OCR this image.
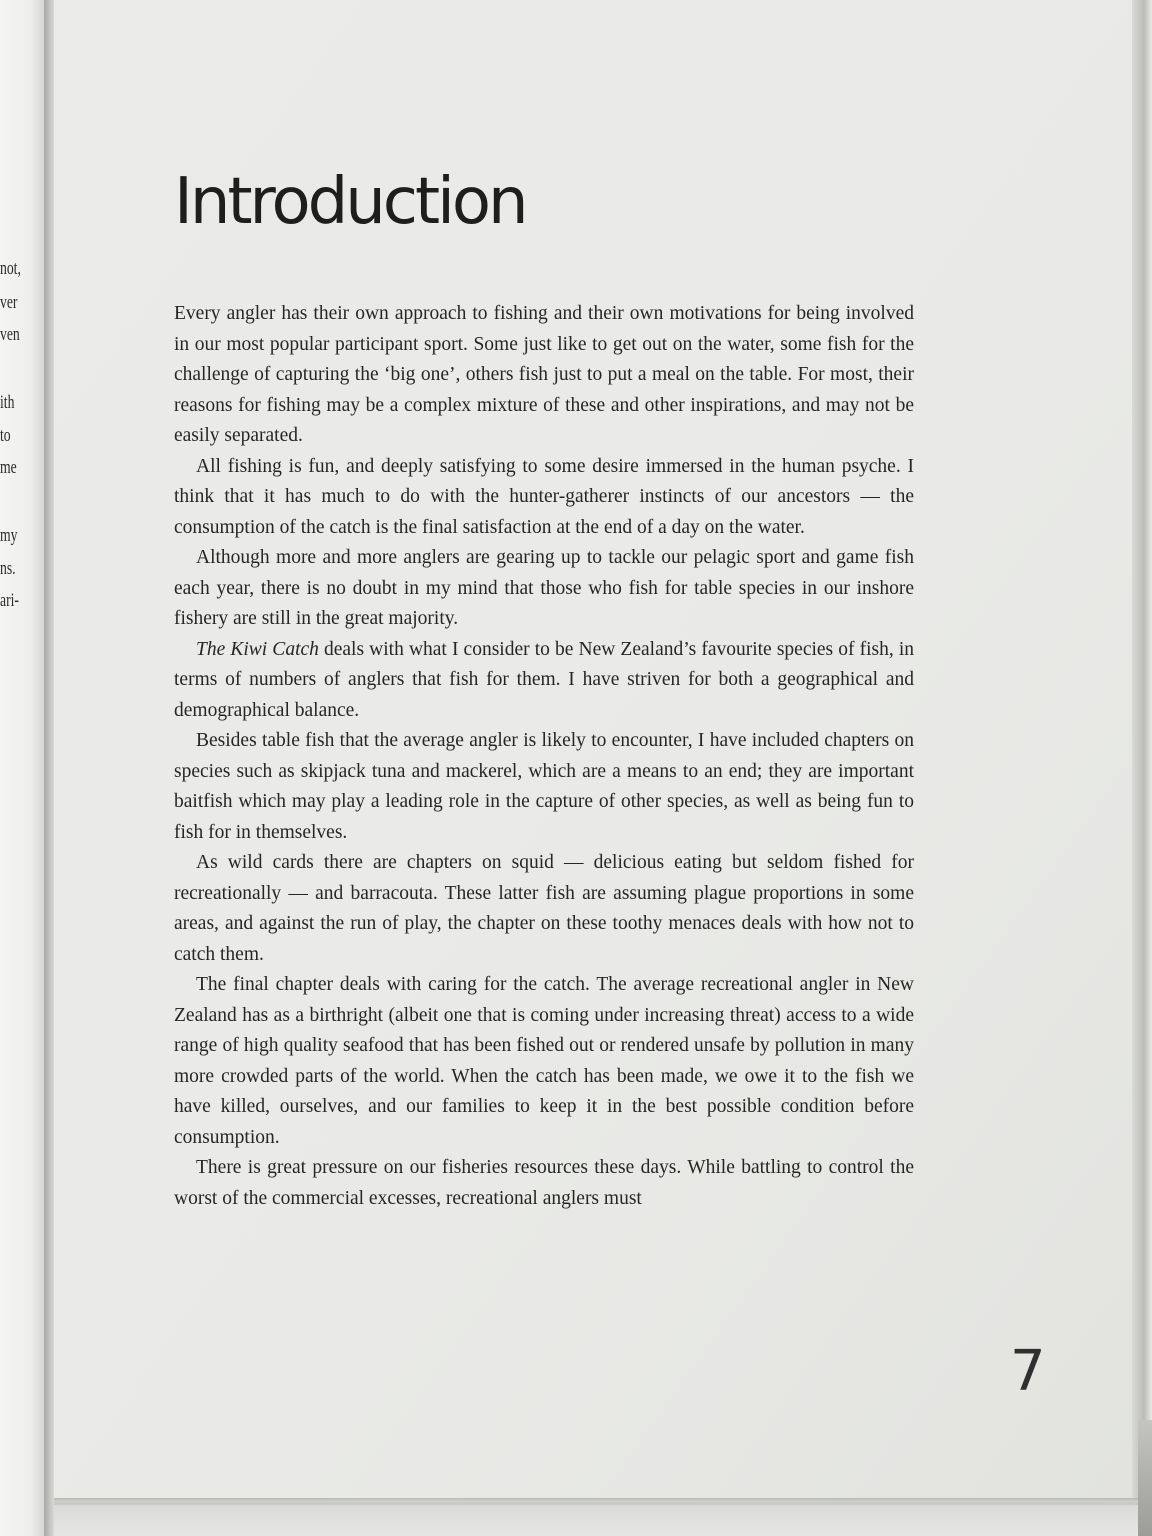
not,
ver
ven
ith
to
me
my
ns.
ari-
Introduction

Every angler has their own approach to fishing and their own motivations for being involved in our most popular participant sport. Some just like to get out on the water, some fish for the challenge of capturing the ‘big one’, others fish just to put a meal on the table. For most, their reasons for fishing may be a complex mixture of these and other inspirations, and may not be easily separated.

All fishing is fun, and deeply satisfying to some desire immersed in the human psyche. I think that it has much to do with the hunter-gatherer instincts of our ancestors — the consumption of the catch is the final satisfaction at the end of a day on the water.

Although more and more anglers are gearing up to tackle our pelagic sport and game fish each year, there is no doubt in my mind that those who fish for table species in our inshore fishery are still in the great majority.

The Kiwi Catch deals with what I consider to be New Zealand’s favourite species of fish, in terms of numbers of anglers that fish for them. I have striven for both a geographical and demographical balance.

Besides table fish that the average angler is likely to encounter, I have included chapters on species such as skipjack tuna and mackerel, which are a means to an end; they are important baitfish which may play a leading role in the capture of other species, as well as being fun to fish for in themselves.

As wild cards there are chapters on squid — delicious eating but seldom fished for recreationally — and barracouta. These latter fish are assuming plague proportions in some areas, and against the run of play, the chapter on these toothy menaces deals with how not to catch them.

The final chapter deals with caring for the catch. The average recreational angler in New Zealand has as a birthright (albeit one that is coming under increasing threat) access to a wide range of high quality seafood that has been fished out or rendered unsafe by pollution in many more crowded parts of the world. When the catch has been made, we owe it to the fish we have killed, ourselves, and our families to keep it in the best possible condition before consumption.

There is great pressure on our fisheries resources these days. While battling to control the worst of the commercial excesses, recreational anglers must

7
